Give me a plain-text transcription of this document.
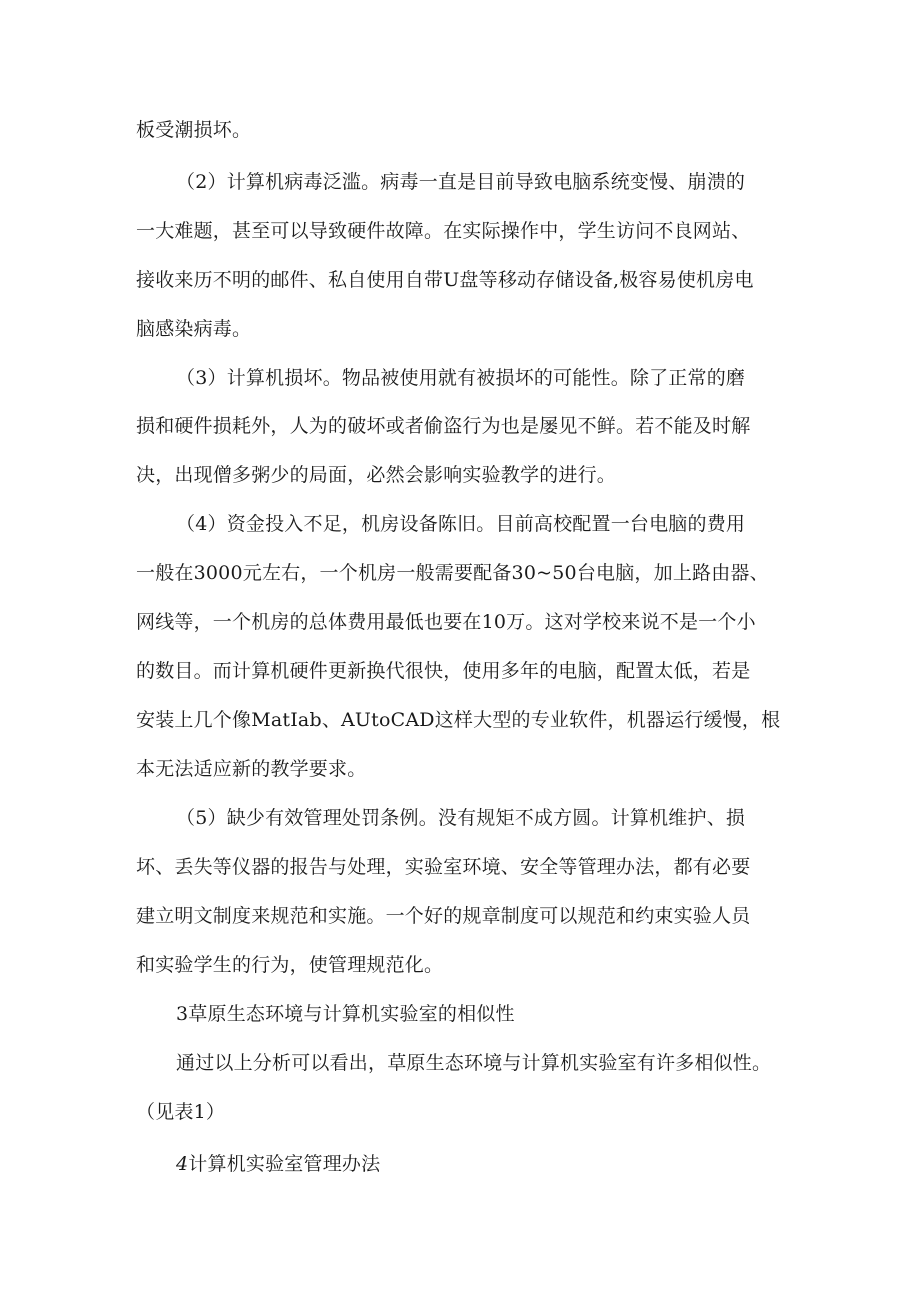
板受潮损坏。
（2）计算机病毒泛滥。病毒一直是目前导致电脑系统变慢、崩溃的
一大难题，甚至可以导致硬件故障。在实际操作中，学生访问不良网站、
接收来历不明的邮件、私自使用自带U盘等移动存储设备,极容易使机房电
脑感染病毒。
（3）计算机损坏。物品被使用就有被损坏的可能性。除了正常的磨
损和硬件损耗外，人为的破坏或者偷盗行为也是屡见不鲜。若不能及时解
决，出现僧多粥少的局面，必然会影响实验教学的进行。
（4）资金投入不足，机房设备陈旧。目前高校配置一台电脑的费用
一般在3000元左右，一个机房一般需要配备30~50台电脑，加上路由器、
网线等，一个机房的总体费用最低也要在10万。这对学校来说不是一个小
的数目。而计算机硬件更新换代很快，使用多年的电脑，配置太低，若是
安装上几个像MatIab、AUtoCAD这样大型的专业软件，机器运行缓慢，根
本无法适应新的教学要求。
（5）缺少有效管理处罚条例。没有规矩不成方圆。计算机维护、损
坏、丢失等仪器的报告与处理，实验室环境、安全等管理办法，都有必要
建立明文制度来规范和实施。一个好的规章制度可以规范和约束实验人员
和实验学生的行为，使管理规范化。
3草原生态环境与计算机实验室的相似性
通过以上分析可以看出，草原生态环境与计算机实验室有许多相似性。
（见表1）
4计算机实验室管理办法
